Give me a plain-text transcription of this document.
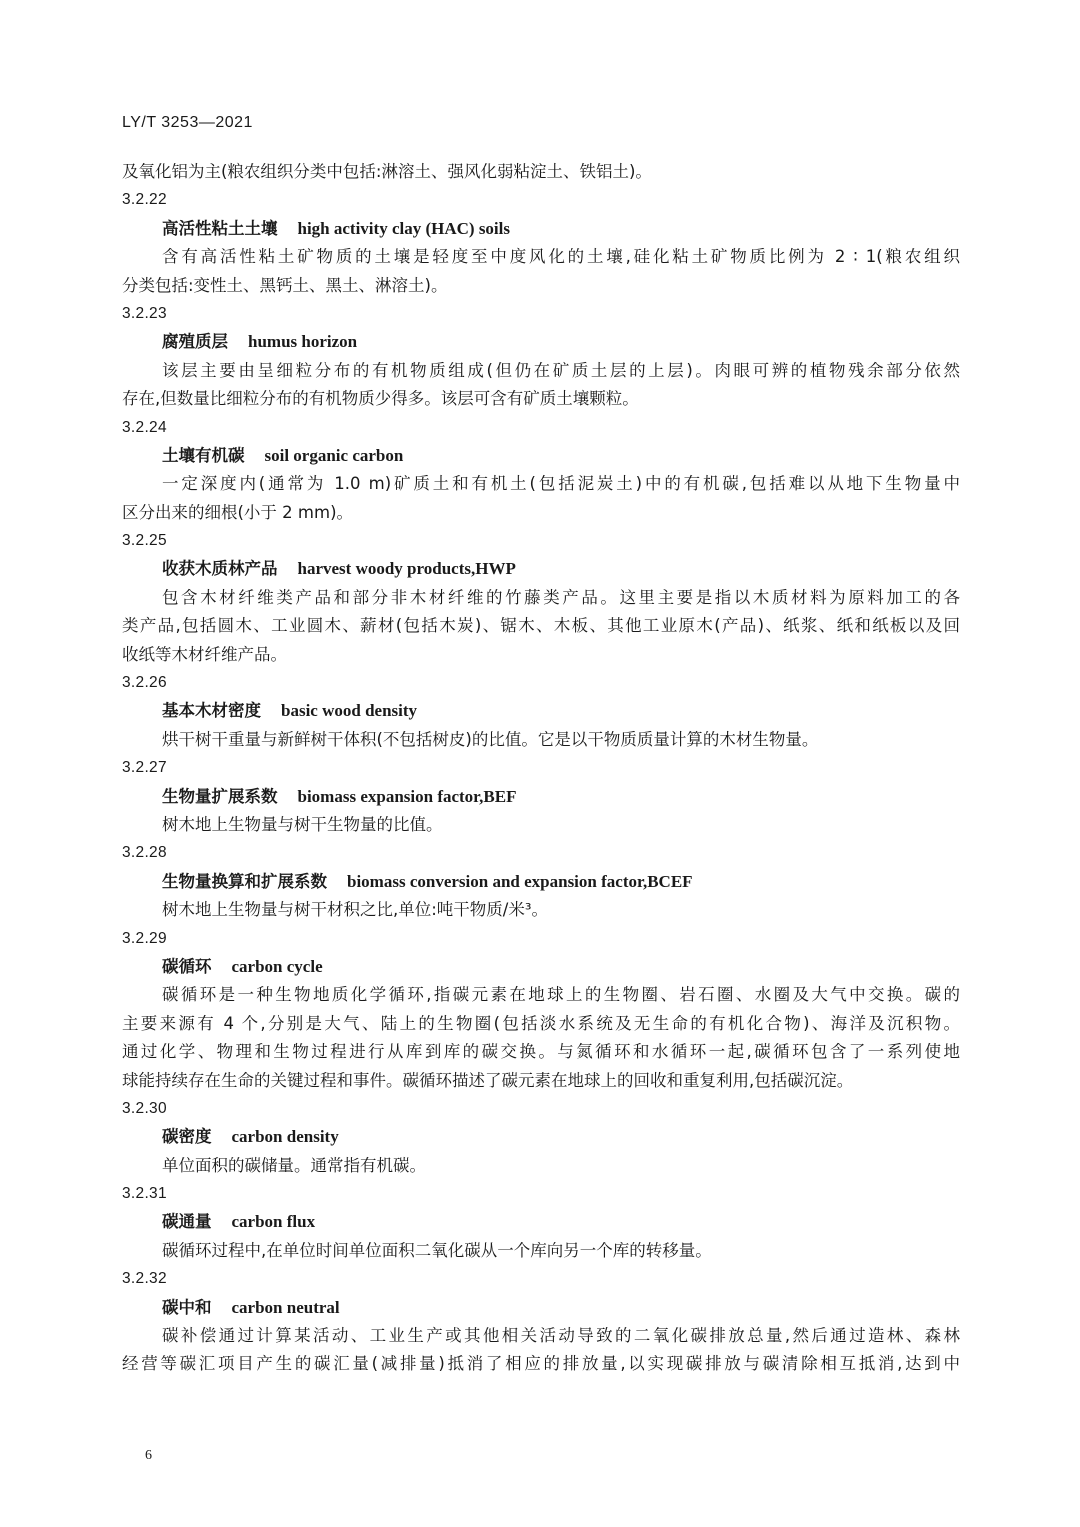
LY/T 3253—2021
及氧化铝为主(粮农组织分类中包括:淋溶土、强风化弱粘淀土、铁铝土)。
3.2.22
高活性粘土土壤 high activity clay (HAC) soils
含有高活性粘土矿物质的土壤是轻度至中度风化的土壤,硅化粘土矿物质比例为 2 ∶ 1(粮农组织
分类包括:变性土、黑钙土、黑土、淋溶土)。
3.2.23
腐殖质层 humus horizon
该层主要由呈细粒分布的有机物质组成(但仍在矿质土层的上层)。肉眼可辨的植物残余部分依然
存在,但数量比细粒分布的有机物质少得多。该层可含有矿质土壤颗粒。
3.2.24
土壤有机碳 soil organic carbon
一定深度内(通常为 1.0 m)矿质土和有机土(包括泥炭土)中的有机碳,包括难以从地下生物量中
区分出来的细根(小于 2 mm)。
3.2.25
收获木质林产品 harvest woody products,HWP
包含木材纤维类产品和部分非木材纤维的竹藤类产品。这里主要是指以木质材料为原料加工的各
类产品,包括圆木、工业圆木、薪材(包括木炭)、锯木、木板、其他工业原木(产品)、纸浆、纸和纸板以及回
收纸等木材纤维产品。
3.2.26
基本木材密度 basic wood density
烘干树干重量与新鲜树干体积(不包括树皮)的比值。它是以干物质质量计算的木材生物量。
3.2.27
生物量扩展系数 biomass expansion factor,BEF
树木地上生物量与树干生物量的比值。
3.2.28
生物量换算和扩展系数 biomass conversion and expansion factor,BCEF
树木地上生物量与树干材积之比,单位:吨干物质/米³。
3.2.29
碳循环 carbon cycle
碳循环是一种生物地质化学循环,指碳元素在地球上的生物圈、岩石圈、水圈及大气中交换。碳的
主要来源有 4 个,分别是大气、陆上的生物圈(包括淡水系统及无生命的有机化合物)、海洋及沉积物。
通过化学、物理和生物过程进行从库到库的碳交换。与氮循环和水循环一起,碳循环包含了一系列使地
球能持续存在生命的关键过程和事件。碳循环描述了碳元素在地球上的回收和重复利用,包括碳沉淀。
3.2.30
碳密度 carbon density
单位面积的碳储量。通常指有机碳。
3.2.31
碳通量 carbon flux
碳循环过程中,在单位时间单位面积二氧化碳从一个库向另一个库的转移量。
3.2.32
碳中和 carbon neutral
碳补偿通过计算某活动、工业生产或其他相关活动导致的二氧化碳排放总量,然后通过造林、森林
经营等碳汇项目产生的碳汇量(减排量)抵消了相应的排放量,以实现碳排放与碳清除相互抵消,达到中
6
